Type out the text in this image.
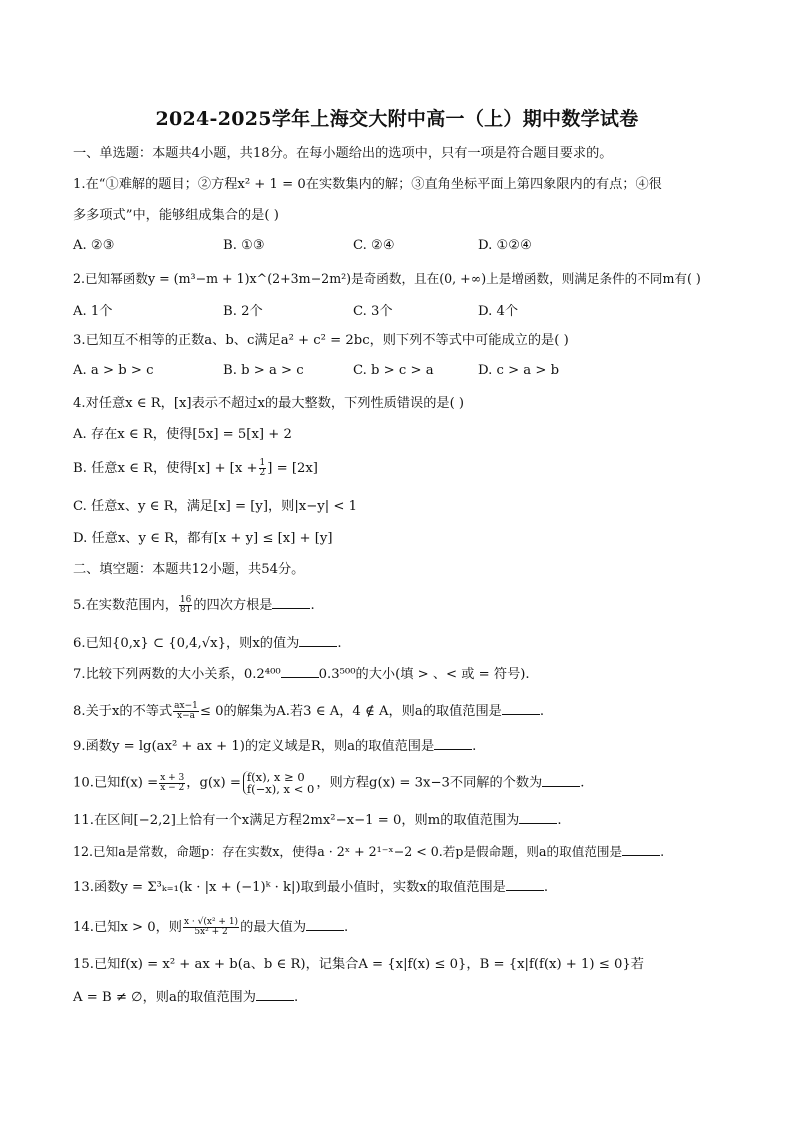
2024-2025学年上海交大附中高一（上）期中数学试卷
一、单选题：本题共4小题，共18分。在每小题给出的选项中，只有一项是符合题目要求的。
1.在“①难解的题目；②方程x² + 1 = 0在实数集内的解；③直角坐标平面上第四象限内的有点；④很
多多项式”中，能够组成集合的是( )
A. ②③	B. ①③	C. ②④	D. ①②④
2.已知幂函数y = (m³−m + 1)x^(2+3m−2m²)是奇函数，且在(0, +∞)上是增函数，则满足条件的不同m有( )
A. 1个	B. 2个	C. 3个	D. 4个
3.已知互不相等的正数a、b、c满足a² + c² = 2bc，则下列不等式中可能成立的是( )
A. a > b > c	B. b > a > c	C. b > c > a	D. c > a > b
4.对任意x ∈ R，[x]表示不超过x的最大整数，下列性质错误的是( )
A. 存在x ∈ R，使得[5x] = 5[x] + 2
B. 任意x ∈ R，使得$[x] + [x + \frac{1}{2}$ ] = [2x]
C. 任意x、y ∈ R，满足[x] = [y]，则|x−y| < 1
D. 任意x、y ∈ R，都有[x + y] ≤ [x] + [y]
二、填空题：本题共12小题，共54分。
5.在实数范围内， $\frac{16}{81}$ 的四次方根是	.
6.已知{0,x} ⊂ {0,4,√x}，则x的值为	.
7.比较下列两数的大小关系，0.2⁴⁰⁰	0.3⁵⁰⁰的大小(填 > 、< 或 = 符号).
8.关于x的不等式 $\frac{ax-1}{x-a} \le 0$的解集为A.若3 ∈ A，4 ∉ A，则a的取值范围是	.
9.函数y = lg(ax² + ax + 1)的定义域是R，则a的取值范围是	.
10.已知$f(x) = \frac{x + 3}{x - 2}$ ，g(x) = f(x), x ≥ 0
f(−x), x < 0 ，则方程g(x) = 3x−3不同解的个数为	.
11.在区间[−2,2]上恰有一个x满足方程2mx²−x−1 = 0，则m的取值范围为	.
12.已知a是常数，命题p：存在实数x，使得a · 2ˣ + 2¹⁻ˣ−2 < 0.若p是假命题，则a的取值范围是	.
13.函数y = Σ³ₖ₌₁(k · |x + (−1)ᵏ · k|)取到最小值时，实数x的取值范围是	.
14.已知x > 0，则 $\frac{\text{x · √(x² + 1)}}{\text{5x² + 2}}$ 的最大值为	.
15.已知f(x) = x² + ax + b(a、b ∈ R)，记集合A = {x|f(x) ≤ 0}，B = {x|f(f(x) + 1) ≤ 0}若
A = B ≠ ∅，则a的取值范围为	.
